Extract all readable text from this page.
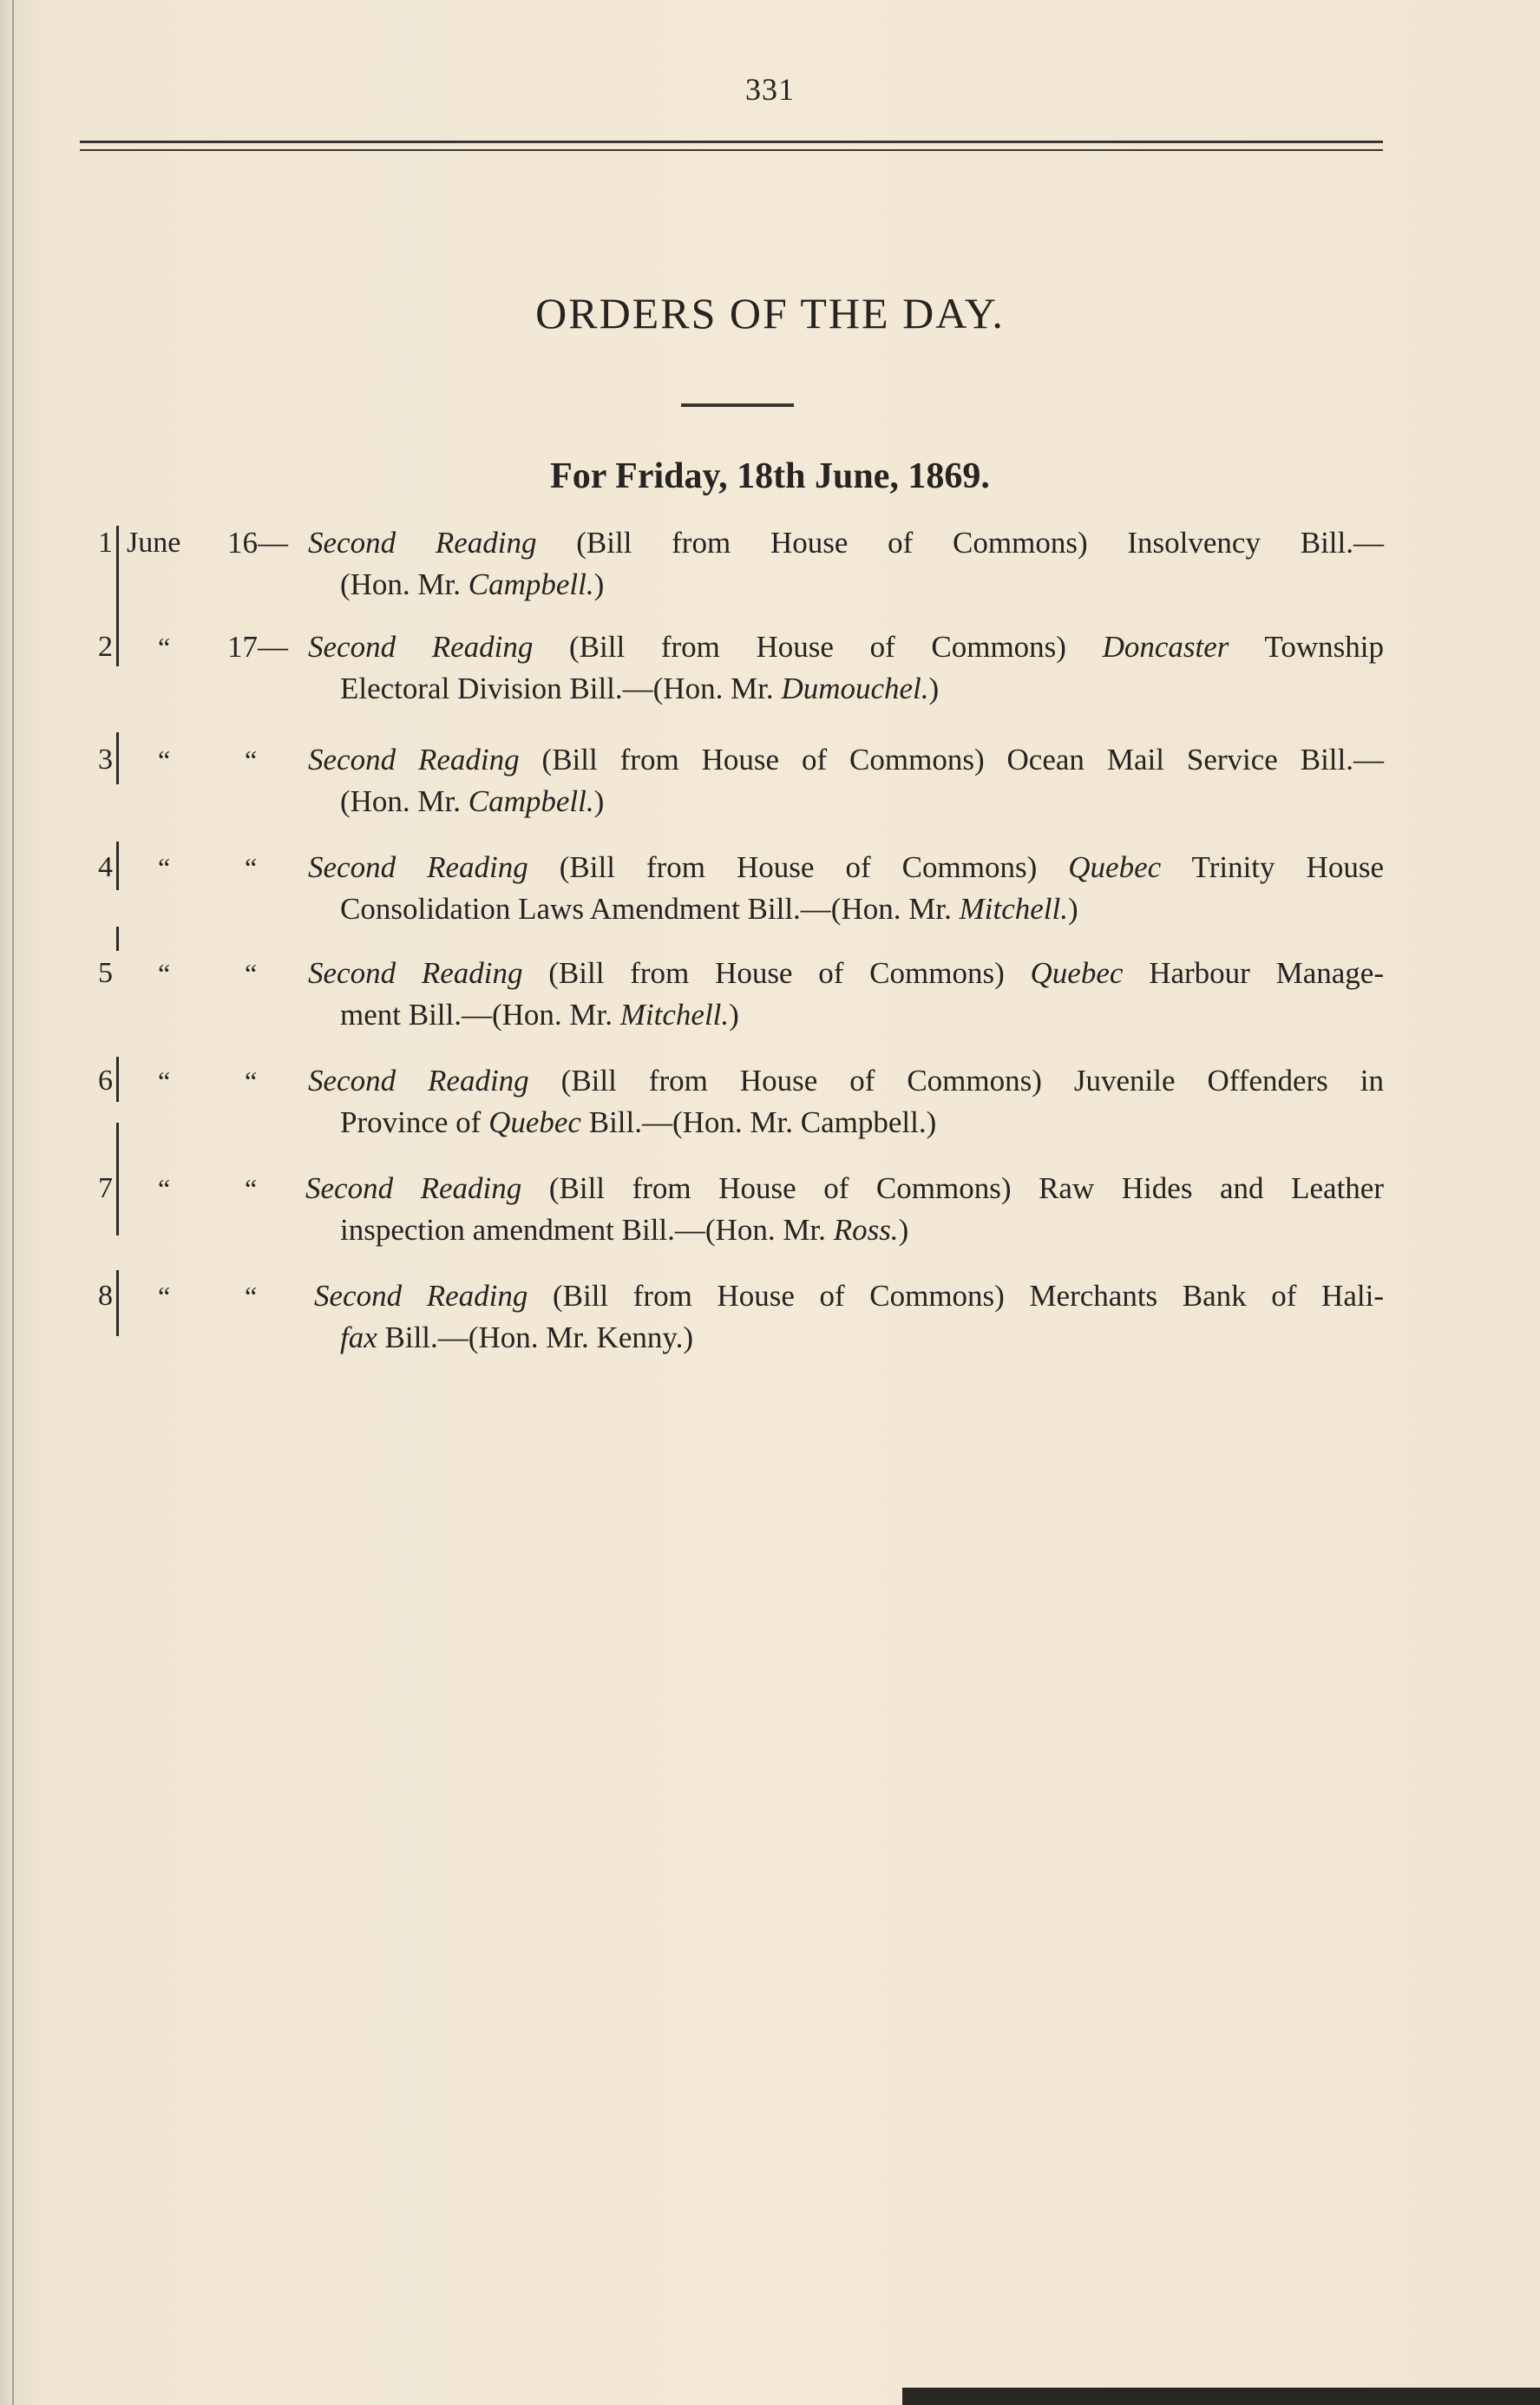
331
ORDERS OF THE DAY.
For Friday, 18th June, 1869.
1 June 16— Second Reading (Bill from House of Commons) Insolvency Bill.—
(Hon. Mr. Campbell.)
2 “ 17— Second Reading (Bill from House of Commons) Doncaster Township
Electoral Division Bill.—(Hon. Mr. Dumouchel.)
3 “	“ Second Reading (Bill from House of Commons) Ocean Mail Service Bill.—
(Hon. Mr. Campbell.)
4 “	“ Second Reading (Bill from House of Commons) Quebec Trinity House
Consolidation Laws Amendment Bill.—(Hon. Mr. Mitchell.)
5 “	“ Second Reading (Bill from House of Commons) Quebec Harbour Manage-
ment Bill.—(Hon. Mr. Mitchell.)
6 “	“ Second Reading (Bill from House of Commons) Juvenile Offenders in
Province of Quebec Bill.—(Hon. Mr. Campbell.)
7 “	“ Second Reading (Bill from House of Commons) Raw Hides and Leather
inspection amendment Bill.—(Hon. Mr. Ross.)
8 “	“ Second Reading (Bill from House of Commons) Merchants Bank of Hali-
fax Bill.—(Hon. Mr. Kenny.)
